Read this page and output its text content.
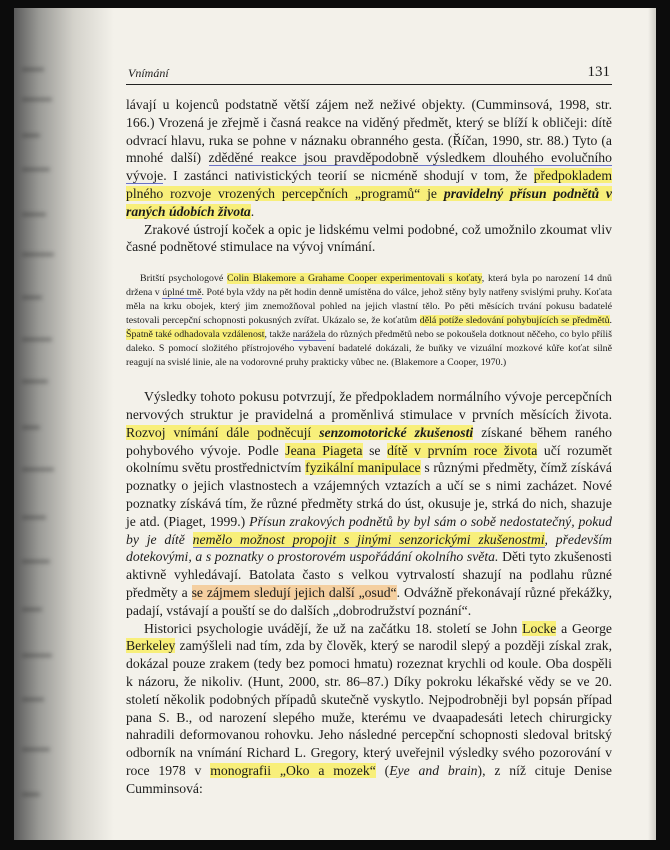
Vnímání	131

lávají u kojenců podstatně větší zájem než neživé objekty. (Cumminsová, 1998, str. 166.) Vrozená je zřejmě i časná reakce na viděný předmět, který se blíží k obličeji: dítě odvrací hlavu, ruka se pohne v náznaku obranného gesta. (Říčan, 1990, str. 88.) Tyto (a mnohé další) zděděné reakce jsou pravděpodobně výsledkem dlouhého evolučního vývoje. I zastánci nativistických teorií se nicméně shodují v tom, že předpokladem plného rozvoje vrozených percepčních „programů“ je pravidelný přísun podnětů v raných údobích života.

Zrakové ústrojí koček a opic je lidskému velmi podobné, což umožnilo zkoumat vliv časné podnětové stimulace na vývoj vnímání.

Britští psychologové Colin Blakemore a Grahame Cooper experimentovali s koťaty, která byla po narození 14 dnů držena v úplné tmě. Poté byla vždy na pět hodin denně umístěna do válce, jehož stěny byly natřeny svislými pruhy. Koťata měla na krku obojek, který jim znemožňoval pohled na jejich vlastní tělo. Po pěti měsících trvání pokusu badatelé testovali percepční schopnosti pokusných zvířat. Ukázalo se, že koťatům dělá potíže sledování pohybujících se předmětů. Špatně také odhadovala vzdálenost, takže narážela do různých předmětů nebo se pokoušela dotknout něčeho, co bylo příliš daleko. S pomocí složitého přístrojového vybavení badatelé dokázali, že buňky ve vizuální mozkové kůře koťat silně reagují na svislé linie, ale na vodorovné pruhy prakticky vůbec ne. (Blakemore a Cooper, 1970.)

Výsledky tohoto pokusu potvrzují, že předpokladem normálního vývoje percepčních nervových struktur je pravidelná a proměnlivá stimulace v prvních měsících života. Rozvoj vnímání dále podněcují senzomotorické zkušenosti získané během raného pohybového vývoje. Podle Jeana Piageta se dítě v prvním roce života učí rozumět okolnímu světu prostřednictvím fyzikální manipulace s různými předměty, čímž získává poznatky o jejich vlastnostech a vzájemných vztazích a učí se s nimi zacházet. Nové poznatky získává tím, že různé předměty strká do úst, okusuje je, strká do nich, shazuje je atd. (Piaget, 1999.) Přísun zrakových podnětů by byl sám o sobě nedostatečný, pokud by je dítě nemělo možnost propojit s jinými senzorickými zkušenostmi, především dotekovými, a s poznatky o prostorovém uspořádání okolního světa. Děti tyto zkušenosti aktivně vyhledávají. Batolata často s velkou vytrvalostí shazují na podlahu různé předměty a se zájmem sledují jejich další „osud“. Odvážně překonávají různé překážky, padají, vstávají a pouští se do dalších „dobrodružství poznání“.

Historici psychologie uvádějí, že už na začátku 18. století se John Locke a George Berkeley zamýšleli nad tím, zda by člověk, který se narodil slepý a později získal zrak, dokázal pouze zrakem (tedy bez pomoci hmatu) rozeznat krychli od koule. Oba dospěli k názoru, že nikoliv. (Hunt, 2000, str. 86–87.) Díky pokroku lékařské vědy se ve 20. století několik podobných případů skutečně vyskytlo. Nejpodrobněji byl popsán případ pana S. B., od narození slepého muže, kterému ve dvaapadesáti letech chirurgicky nahradili deformovanou rohovku. Jeho následné percepční schopnosti sledoval britský odborník na vnímání Richard L. Gregory, který uveřejnil výsledky svého pozorování v roce 1978 v monografii „Oko a mozek“ (Eye and brain), z níž cituje Denise Cumminsová:
